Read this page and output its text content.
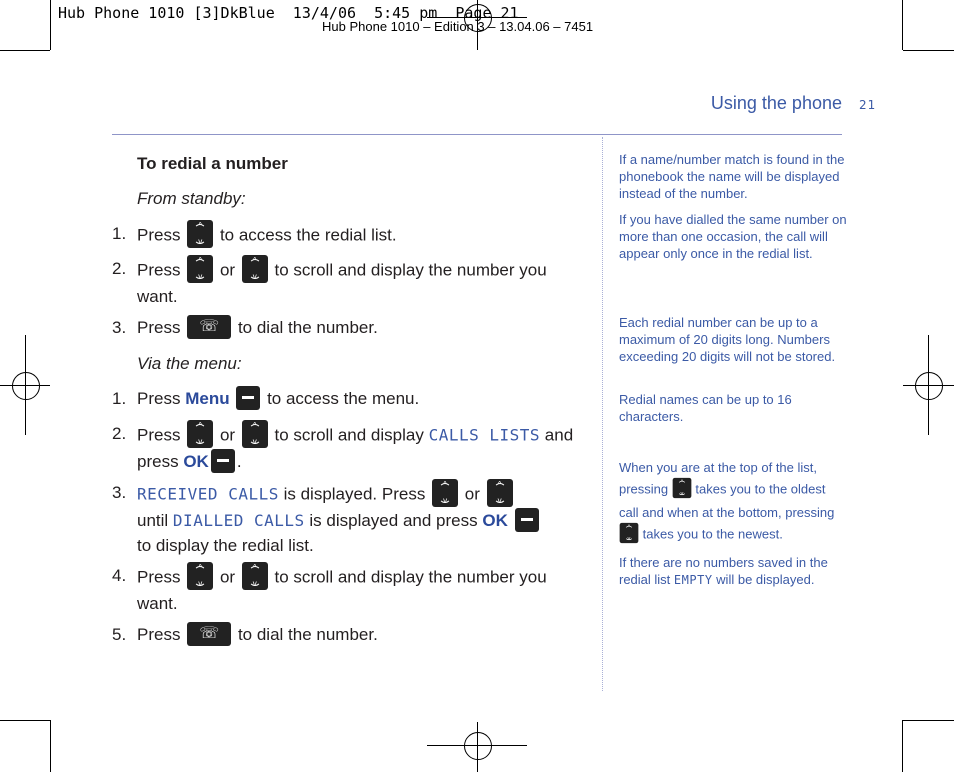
Hub Phone 1010 – Edition 3 – 13.04.06 – 7451
Hub Phone 1010 [3]DkBlue  13/4/06  5:45 pm  Page 21
Using the phone 21
To redial a number
From standby:
1. Press	^
v	to access the redial list.
2. Press	^
v	or	^
v	to scroll and display the number you want.
3. Press ☏ to dial the number.
Via the menu:
1. Press Menu to access the menu.
2. Press	^
v	or	^
v	to scroll and display CALLS LISTS and press OK .
3. RECEIVED CALLS is displayed. Press	^
v	or	^
v

until DIALLED CALLS is displayed and press OK
to display the redial list.
4. Press	^
v	or	^
v	to scroll and display the number you want.
5. Press ☏ to dial the number.
If a name/number match is found in the phonebook the name will be displayed instead of the number.
If you have dialled the same number on more than one occasion, the call will appear only once in the redial list.
Each redial number can be up to a maximum of 20 digits long. Numbers exceeding 20 digits will not be stored.
Redial names can be up to 16 characters.
When you are at the top of the list, pressing	^
v takes you to the oldest call and when at the bottom, pressing
^
v takes you to the newest.
If there are no numbers saved in the redial list EMPTY will be displayed.
